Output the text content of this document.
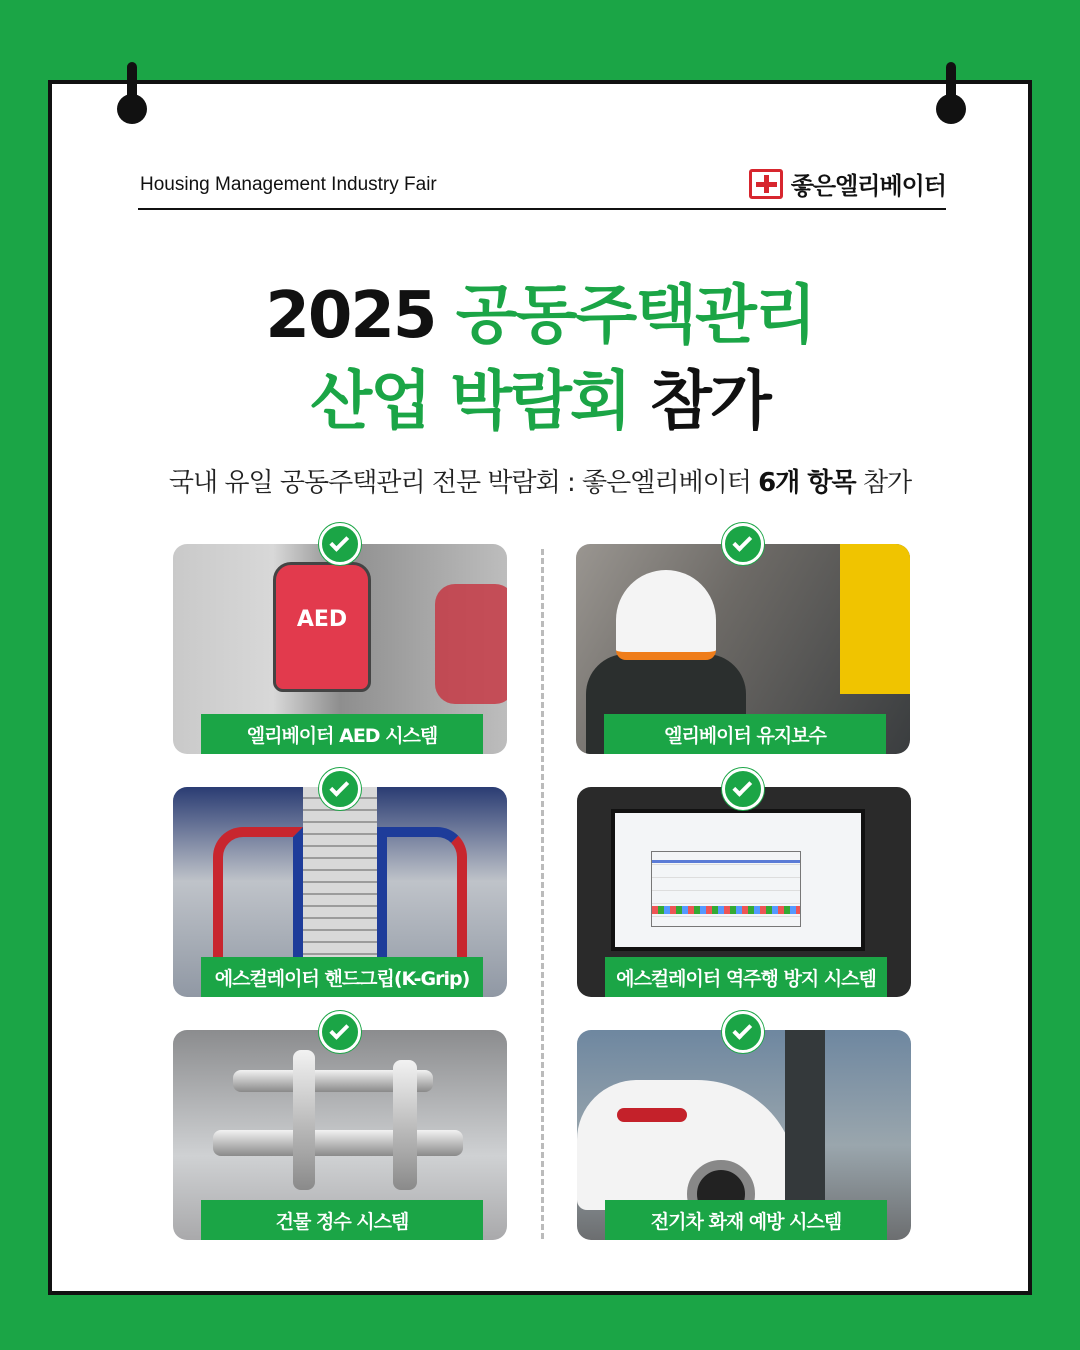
Housing Management Industry Fair	좋은엘리베이터
2025 공동주택관리
산업 박람회 참가
국내 유일 공동주택관리 전문 박람회 : 좋은엘리베이터 6개 항목 참가
AED
엘리베이터 AED 시스템	엘리베이터 유지보수
에스컬레이터 핸드그립(K-Grip)	에스컬레이터 역주행 방지 시스템
건물 정수 시스템	전기차 화재 예방 시스템
